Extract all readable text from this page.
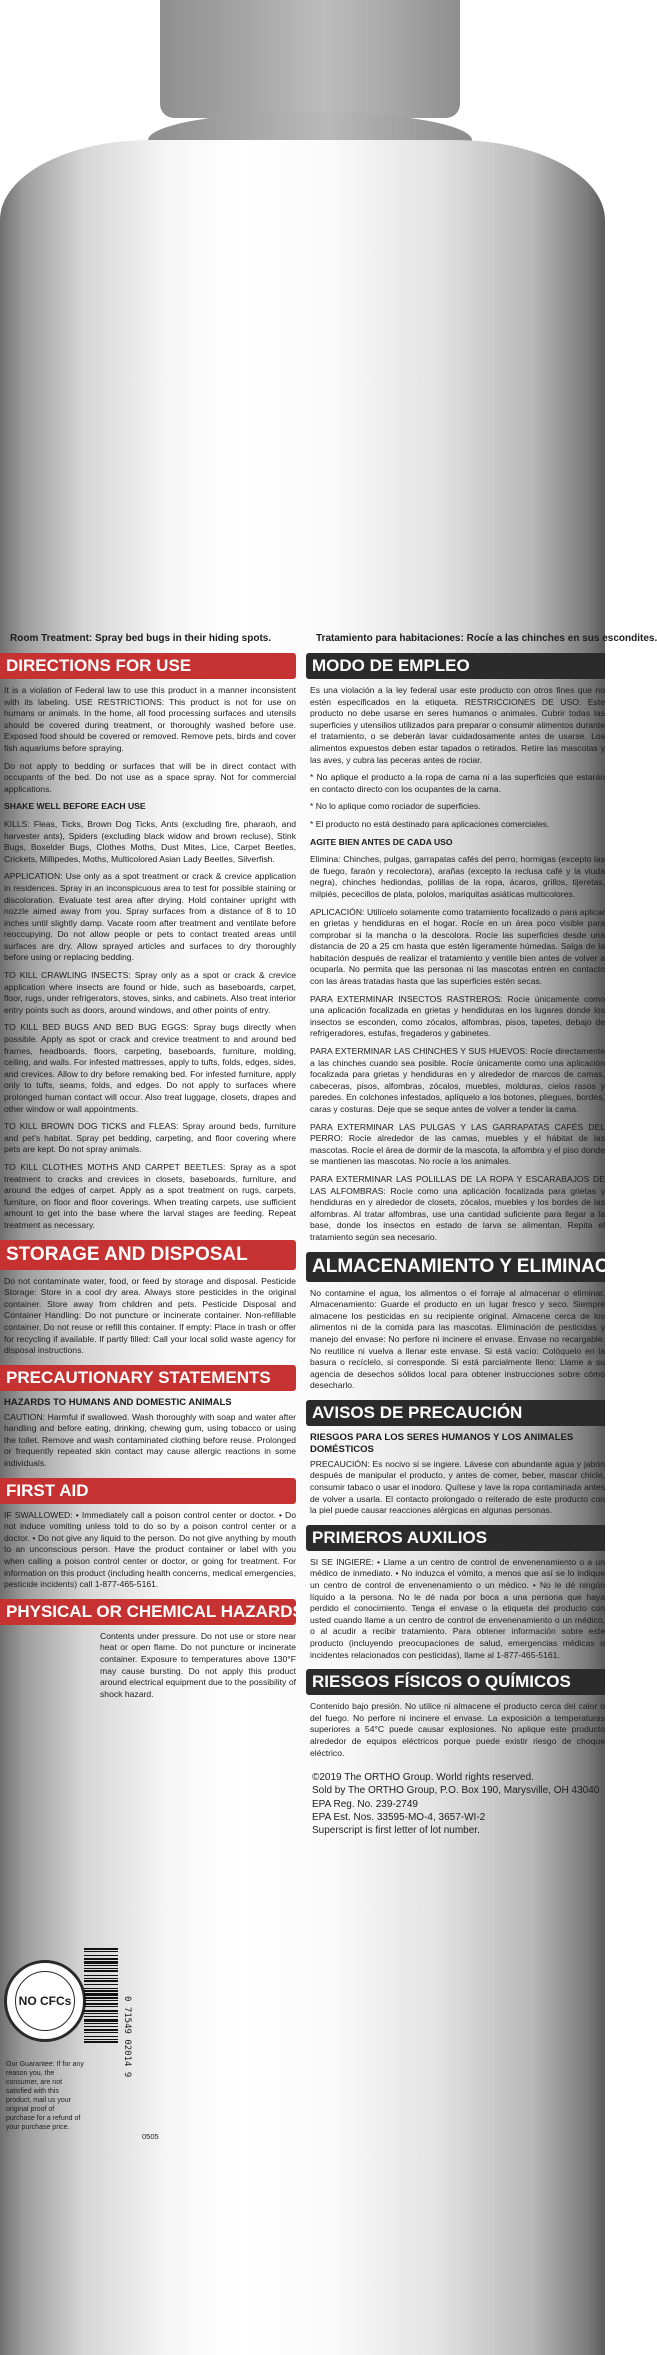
Room Treatment: Spray bed bugs in their hiding spots.
DIRECTIONS FOR USE

It is a violation of Federal law to use this product in a manner inconsistent with its labeling. USE RESTRICTIONS: This product is not for use on humans or animals. In the home, all food processing surfaces and utensils should be covered during treatment, or thoroughly washed before use. Exposed food should be covered or removed. Remove pets, birds and cover fish aquariums before spraying.

Do not apply to bedding or surfaces that will be in direct contact with occupants of the bed. Do not use as a space spray. Not for commercial applications.

SHAKE WELL BEFORE EACH USE

KILLS: Fleas, Ticks, Brown Dog Ticks, Ants (excluding fire, pharaoh, and harvester ants), Spiders (excluding black widow and brown recluse), Stink Bugs, Boxelder Bugs, Clothes Moths, Dust Mites, Lice, Carpet Beetles, Crickets, Millipedes, Moths, Multicolored Asian Lady Beetles, Silverfish.

APPLICATION: Use only as a spot treatment or crack & crevice application in residences. Spray in an inconspicuous area to test for possible staining or discoloration. Evaluate test area after drying. Hold container upright with nozzle aimed away from you. Spray surfaces from a distance of 8 to 10 inches until slightly damp. Vacate room after treatment and ventilate before reoccupying. Do not allow people or pets to contact treated areas until surfaces are dry. Allow sprayed articles and surfaces to dry thoroughly before using or replacing bedding.

TO KILL CRAWLING INSECTS: Spray only as a spot or crack & crevice application where insects are found or hide, such as baseboards, carpet, floor, rugs, under refrigerators, stoves, sinks, and cabinets. Also treat interior entry points such as doors, around windows, and other points of entry.

TO KILL BED BUGS AND BED BUG EGGS: Spray bugs directly when possible. Apply as spot or crack and crevice treatment to and around bed frames, headboards, floors, carpeting, baseboards, furniture, molding, ceiling, and walls. For infested mattresses, apply to tufts, folds, edges, sides, and crevices. Allow to dry before remaking bed. For infested furniture, apply only to tufts, seams, folds, and edges. Do not apply to surfaces where prolonged human contact will occur. Also treat luggage, closets, drapes and other window or wall appointments.

TO KILL BROWN DOG TICKS and FLEAS: Spray around beds, furniture and pet's habitat. Spray pet bedding, carpeting, and floor covering where pets are kept. Do not spray animals.

TO KILL CLOTHES MOTHS AND CARPET BEETLES: Spray as a spot treatment to cracks and crevices in closets, baseboards, furniture, and around the edges of carpet. Apply as a spot treatment on rugs, carpets, furniture, on floor and floor coverings. When treating carpets, use sufficient amount to get into the base where the larval stages are feeding. Repeat treatment as necessary.

STORAGE AND DISPOSAL
Do not contaminate water, food, or feed by storage and disposal. Pesticide Storage: Store in a cool dry area. Always store pesticides in the original container. Store away from children and pets. Pesticide Disposal and Container Handling: Do not puncture or incinerate container. Non-refillable container. Do not reuse or refill this container. If empty: Place in trash or offer for recycling if available. If partly filled: Call your local solid waste agency for disposal instructions.
PRECAUTIONARY STATEMENTS
HAZARDS TO HUMANS AND DOMESTIC ANIMALS
CAUTION: Harmful if swallowed. Wash thoroughly with soap and water after handling and before eating, drinking, chewing gum, using tobacco or using the toilet. Remove and wash contaminated clothing before reuse. Prolonged or frequently repeated skin contact may cause allergic reactions in some individuals.
FIRST AID
IF SWALLOWED: • Immediately call a poison control center or doctor. • Do not induce vomiting unless told to do so by a poison control center or a doctor. • Do not give any liquid to the person. Do not give anything by mouth to an unconscious person. Have the product container or label with you when calling a poison control center or doctor, or going for treatment. For information on this product (including health concerns, medical emergencies, pesticide incidents) call 1-877-465-5161.
PHYSICAL OR CHEMICAL HAZARDS
Contents under pressure. Do not use or store near heat or open flame. Do not puncture or incinerate container. Exposure to temperatures above 130°F may cause bursting. Do not apply this product around electrical equipment due to the possibility of shock hazard.
Tratamiento para habitaciones: Rocíe a las chinches en sus escondites.
MODO DE EMPLEO

Es una violación a la ley federal usar este producto con otros fines que no estén especificados en la etiqueta. RESTRICCIONES DE USO: Este producto no debe usarse en seres humanos o animales. Cubrir todas las superficies y utensilios utilizados para preparar o consumir alimentos durante el tratamiento, o se deberán lavar cuidadosamente antes de usarse. Los alimentos expuestos deben estar tapados o retirados. Retire las mascotas y las aves, y cubra las peceras antes de rociar.

* No aplique el producto a la ropa de cama ni a las superficies que estarán en contacto directo con los ocupantes de la cama.

* No lo aplique como rociador de superficies.

* El producto no está destinado para aplicaciones comerciales.

AGITE BIEN ANTES DE CADA USO

Elimina: Chinches, pulgas, garrapatas cafés del perro, hormigas (excepto las de fuego, faraón y recolectora), arañas (excepto la reclusa café y la viuda negra), chinches hediondas, polillas de la ropa, ácaros, grillos, tijeretas, milpiés, pececillos de plata, pololos, mariquitas asiáticas multicolores.

APLICACIÓN: Utilícelo solamente como tratamiento focalizado o para aplicar en grietas y hendiduras en el hogar. Rocíe en un área poco visible para comprobar si la mancha o la descolora. Rocíe las superficies desde una distancia de 20 a 25 cm hasta que estén ligeramente húmedas. Salga de la habitación después de realizar el tratamiento y ventile bien antes de volver a ocuparla. No permita que las personas ni las mascotas entren en contacto con las áreas tratadas hasta que las superficies estén secas.

PARA EXTERMINAR INSECTOS RASTREROS: Rocíe únicamente como una aplicación focalizada en grietas y hendiduras en los lugares donde los insectos se esconden, como zócalos, alfombras, pisos, tapetes, debajo de refrigeradores, estufas, fregaderos y gabinetes.

PARA EXTERMINAR LAS CHINCHES Y SUS HUEVOS: Rocíe directamente a las chinches cuando sea posible. Rocíe únicamente como una aplicación focalizada para grietas y hendiduras en y alrededor de marcos de camas, cabeceras, pisos, alfombras, zócalos, muebles, molduras, cielos rasos y paredes. En colchones infestados, aplíquelo a los botones, pliegues, bordes, caras y costuras. Deje que se seque antes de volver a tender la cama.

PARA EXTERMINAR LAS PULGAS Y LAS GARRAPATAS CAFÉS DEL PERRO: Rocíe alrededor de las camas, muebles y el hábitat de las mascotas. Rocíe el área de dormir de la mascota, la alfombra y el piso donde se mantienen las mascotas. No rocíe a los animales.

PARA EXTERMINAR LAS POLILLAS DE LA ROPA Y ESCARABAJOS DE LAS ALFOMBRAS: Rocíe como una aplicación focalizada para grietas y hendiduras en y alrededor de closets, zócalos, muebles y los bordes de las alfombras. Al tratar alfombras, use una cantidad suficiente para llegar a la base, donde los insectos en estado de larva se alimentan. Repita el tratamiento según sea necesario.

ALMACENAMIENTO Y ELIMINACIÓN
No contamine el agua, los alimentos o el forraje al almacenar o eliminar. Almacenamiento: Guarde el producto en un lugar fresco y seco. Siempre almacene los pesticidas en su recipiente original. Almacene cerca de los alimentos ni de la comida para las mascotas. Eliminación de pesticidas y manejo del envase: No perfore ni incinere el envase. Envase no recargable. No reutilice ni vuelva a llenar este envase. Si está vacío: Colóquelo en la basura o recíclelo, si corresponde. Si está parcialmente lleno: Llame a su agencia de desechos sólidos local para obtener instrucciones sobre cómo desecharlo.
AVISOS DE PRECAUCIÓN
RIESGOS PARA LOS SERES HUMANOS Y LOS ANIMALES DOMÉSTICOS
PRECAUCIÓN: Es nocivo si se ingiere. Lávese con abundante agua y jabón después de manipular el producto, y antes de comer, beber, mascar chicle, consumir tabaco o usar el inodoro. Quítese y lave la ropa contaminada antes de volver a usarla. El contacto prolongado o reiterado de este producto con la piel puede causar reacciones alérgicas en algunas personas.
PRIMEROS AUXILIOS
SI SE INGIERE: • Llame a un centro de control de envenenamiento o a un médico de inmediato. • No induzca el vómito, a menos que así se lo indique un centro de control de envenenamiento o un médico. • No le dé ningún líquido a la persona. No le dé nada por boca a una persona que haya perdido el conocimiento. Tenga el envase o la etiqueta del producto con usted cuando llame a un centro de control de envenenamiento o un médico, o al acudir a recibir tratamiento. Para obtener información sobre este producto (incluyendo preocupaciones de salud, emergencias médicas o incidentes relacionados con pesticidas), llame al 1-877-465-5161.
RIESGOS FÍSICOS O QUÍMICOS
Contenido bajo presión. No utilice ni almacene el producto cerca del calor o del fuego. No perfore ni incinere el envase. La exposición a temperaturas superiores a 54°C puede causar explosiones. No aplique este producto alrededor de equipos eléctricos porque puede existir riesgo de choque eléctrico.
©2019 The ORTHO Group. World rights reserved.
Sold by The ORTHO Group, P.O. Box 190, Marysville, OH 43040
EPA Reg. No. 239-2749
EPA Est. Nos. 33595-MO-4, 3657-WI-2
Superscript is first letter of lot number.
NO CFCs
Our Guarantee: If for any reason you, the consumer, are not satisfied with this product, mail us your original proof of purchase for a refund of your purchase price.
0 71549 02014 9
0505
